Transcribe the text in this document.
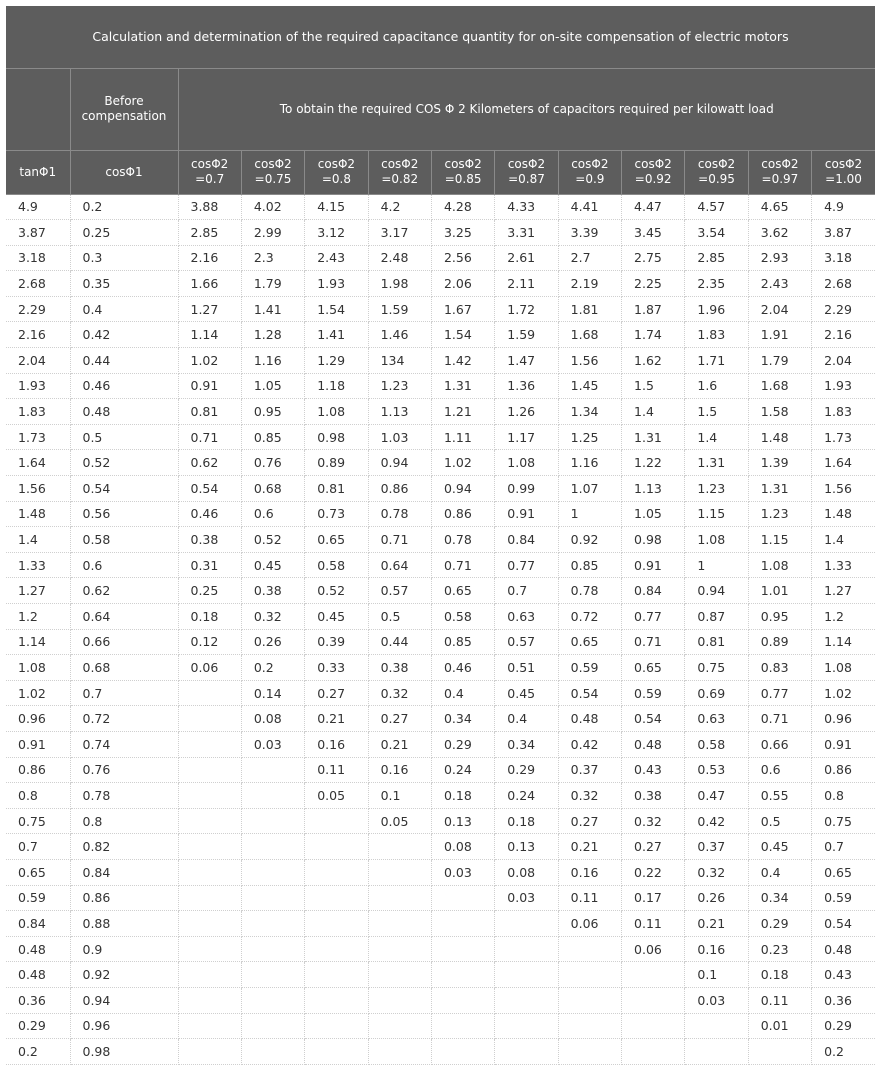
Calculation and determination of the required capacitance quantity for on-site compensation of electric motors												
	Before compensation	To obtain the required COS Φ 2 Kilometers of capacitors required per kilowatt load										
tanΦ1	cosΦ1	cosΦ2 =0.7	cosΦ2 =0.75	cosΦ2 =0.8	cosΦ2 =0.82	cosΦ2 =0.85	cosΦ2 =0.87	cosΦ2 =0.9	cosΦ2 =0.92	cosΦ2 =0.95	cosΦ2 =0.97	cosΦ2 =1.00
4.9	0.2	3.88	4.02	4.15	4.2	4.28	4.33	4.41	4.47	4.57	4.65	4.9
3.87	0.25	2.85	2.99	3.12	3.17	3.25	3.31	3.39	3.45	3.54	3.62	3.87
3.18	0.3	2.16	2.3	2.43	2.48	2.56	2.61	2.7	2.75	2.85	2.93	3.18
2.68	0.35	1.66	1.79	1.93	1.98	2.06	2.11	2.19	2.25	2.35	2.43	2.68
2.29	0.4	1.27	1.41	1.54	1.59	1.67	1.72	1.81	1.87	1.96	2.04	2.29
2.16	0.42	1.14	1.28	1.41	1.46	1.54	1.59	1.68	1.74	1.83	1.91	2.16
2.04	0.44	1.02	1.16	1.29	134	1.42	1.47	1.56	1.62	1.71	1.79	2.04
1.93	0.46	0.91	1.05	1.18	1.23	1.31	1.36	1.45	1.5	1.6	1.68	1.93
1.83	0.48	0.81	0.95	1.08	1.13	1.21	1.26	1.34	1.4	1.5	1.58	1.83
1.73	0.5	0.71	0.85	0.98	1.03	1.11	1.17	1.25	1.31	1.4	1.48	1.73
1.64	0.52	0.62	0.76	0.89	0.94	1.02	1.08	1.16	1.22	1.31	1.39	1.64
1.56	0.54	0.54	0.68	0.81	0.86	0.94	0.99	1.07	1.13	1.23	1.31	1.56
1.48	0.56	0.46	0.6	0.73	0.78	0.86	0.91	1	1.05	1.15	1.23	1.48
1.4	0.58	0.38	0.52	0.65	0.71	0.78	0.84	0.92	0.98	1.08	1.15	1.4
1.33	0.6	0.31	0.45	0.58	0.64	0.71	0.77	0.85	0.91	1	1.08	1.33
1.27	0.62	0.25	0.38	0.52	0.57	0.65	0.7	0.78	0.84	0.94	1.01	1.27
1.2	0.64	0.18	0.32	0.45	0.5	0.58	0.63	0.72	0.77	0.87	0.95	1.2
1.14	0.66	0.12	0.26	0.39	0.44	0.85	0.57	0.65	0.71	0.81	0.89	1.14
1.08	0.68	0.06	0.2	0.33	0.38	0.46	0.51	0.59	0.65	0.75	0.83	1.08
1.02	0.7		0.14	0.27	0.32	0.4	0.45	0.54	0.59	0.69	0.77	1.02
0.96	0.72		0.08	0.21	0.27	0.34	0.4	0.48	0.54	0.63	0.71	0.96
0.91	0.74		0.03	0.16	0.21	0.29	0.34	0.42	0.48	0.58	0.66	0.91
0.86	0.76			0.11	0.16	0.24	0.29	0.37	0.43	0.53	0.6	0.86
0.8	0.78			0.05	0.1	0.18	0.24	0.32	0.38	0.47	0.55	0.8
0.75	0.8				0.05	0.13	0.18	0.27	0.32	0.42	0.5	0.75
0.7	0.82					0.08	0.13	0.21	0.27	0.37	0.45	0.7
0.65	0.84					0.03	0.08	0.16	0.22	0.32	0.4	0.65
0.59	0.86						0.03	0.11	0.17	0.26	0.34	0.59
0.84	0.88							0.06	0.11	0.21	0.29	0.54
0.48	0.9								0.06	0.16	0.23	0.48
0.48	0.92									0.1	0.18	0.43
0.36	0.94									0.03	0.11	0.36
0.29	0.96										0.01	0.29
0.2	0.98											0.2
